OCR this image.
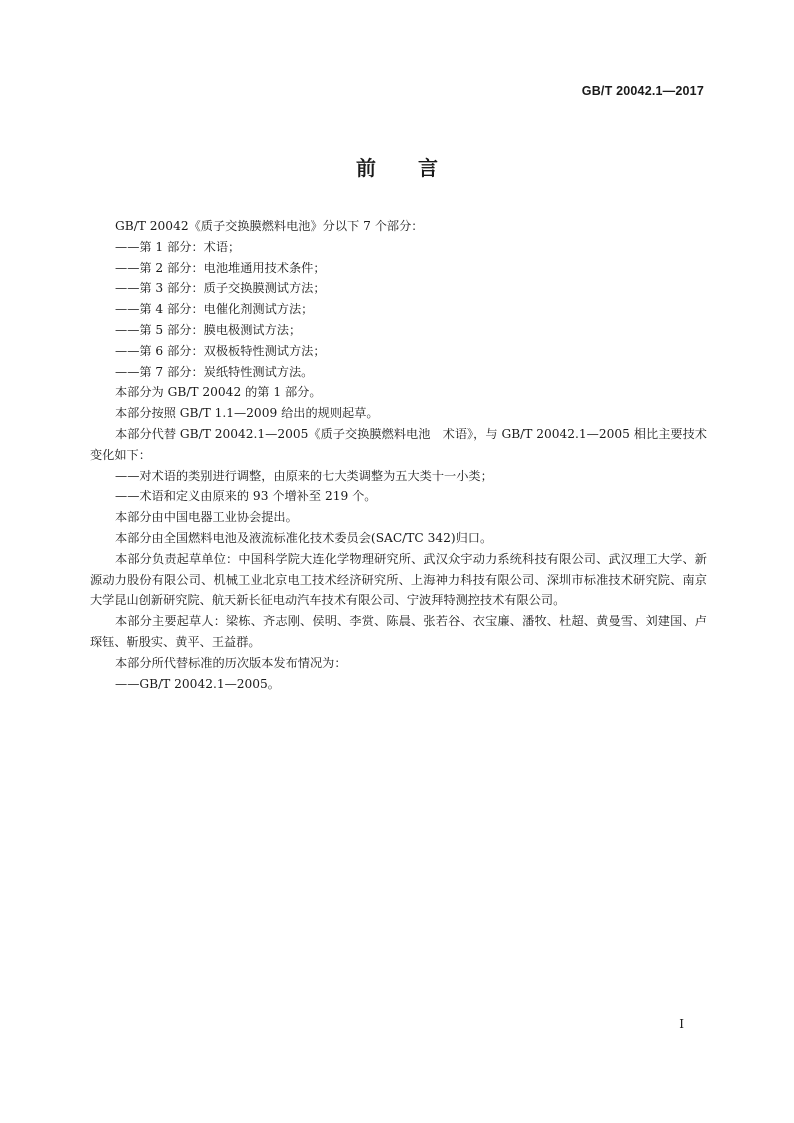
GB/T 20042.1—2017
前言

GB/T 20042《质子交换膜燃料电池》分以下 7 个部分：

——第 1 部分：术语；

——第 2 部分：电池堆通用技术条件；

——第 3 部分：质子交换膜测试方法；

——第 4 部分：电催化剂测试方法；

——第 5 部分：膜电极测试方法；

——第 6 部分：双极板特性测试方法；

——第 7 部分：炭纸特性测试方法。

本部分为 GB/T 20042 的第 1 部分。

本部分按照 GB/T 1.1—2009 给出的规则起草。

本部分代替 GB/T 20042.1—2005《质子交换膜燃料电池　术语》，与 GB/T 20042.1—2005 相比主要技术变化如下：

——对术语的类别进行调整，由原来的七大类调整为五大类十一小类；

——术语和定义由原来的 93 个增补至 219 个。

本部分由中国电器工业协会提出。

本部分由全国燃料电池及液流标准化技术委员会(SAC/TC 342)归口。

本部分负责起草单位：中国科学院大连化学物理研究所、武汉众宇动力系统科技有限公司、武汉理工大学、新源动力股份有限公司、机械工业北京电工技术经济研究所、上海神力科技有限公司、深圳市标准技术研究院、南京大学昆山创新研究院、航天新长征电动汽车技术有限公司、宁波拜特测控技术有限公司。

本部分主要起草人：梁栋、齐志刚、侯明、李赏、陈晨、张若谷、衣宝廉、潘牧、杜超、黄曼雪、刘建国、卢琛钰、靳殷实、黄平、王益群。

本部分所代替标准的历次版本发布情况为：

——GB/T 20042.1—2005。

I
